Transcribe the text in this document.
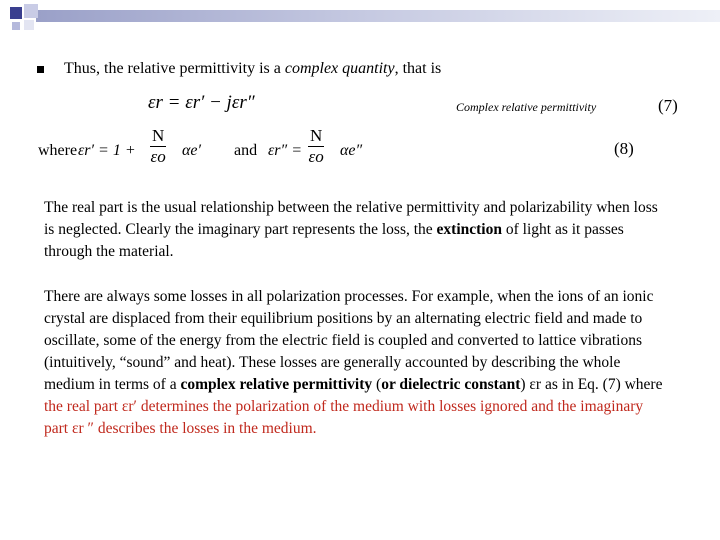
Thus, the relative permittivity is a complex quantity, that is
εr = εr′ − jεr″	Complex relative permittivity	(7)
where $\varepsilon r' = 1 + \frac{N}{\varepsilon o} \alpha e'$ and $\varepsilon r'' = \frac{N}{\varepsilon o} \alpha e''$	(8)
The real part is the usual relationship between the relative permittivity and polarizability when loss is neglected. Clearly the imaginary part represents the loss, the extinction of light as it passes through the material.
There are always some losses in all polarization processes. For example, when the ions of an ionic crystal are displaced from their equilibrium positions by an alternating electric field and made to oscillate, some of the energy from the electric field is coupled and converted to lattice vibrations (intuitively, “sound” and heat). These losses are generally accounted by describing the whole medium in terms of a complex relative permittivity (or dielectric constant) εr as in Eq. (7) where the real part εr′ determines the polarization of the medium with losses ignored and the imaginary part εr ″ describes the losses in the medium.
